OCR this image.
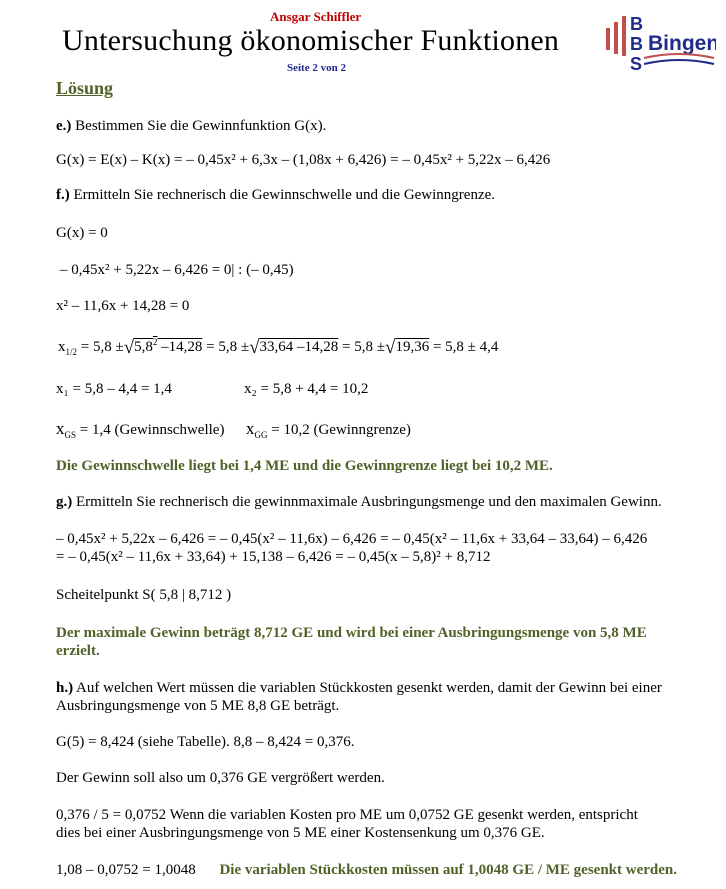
Ansgar Schiffler
Untersuchung ökonomischer Funktionen
Seite 2 von 2
B
B
S
Bingen
Lösung
e.) Bestimmen Sie die Gewinnfunktion G(x).
G(x) = E(x) – K(x) = – 0,45x² + 6,3x – (1,08x + 6,426) = – 0,45x² + 5,22x – 6,426
f.) Ermitteln Sie rechnerisch die Gewinnschwelle und die Gewinngrenze.
G(x) = 0
– 0,45x² + 5,22x – 6,426 = 0| : (– 0,45)
x² – 11,6x + 14,28 = 0
$x_{1/2} = 5,8 \pm√5,8^2$ –14,28 = 5,8 ±√33,64 –14,28 = 5,8 ±√19,36 = 5,8 ± 4,4
x₁ = 5,8 – 4,4 = 1,4	x₂ = 5,8 + 4,4 = 10,2
$x_{GS} = 1,4$ (Gewinnschwelle) $x_{GG} = 10,2$ (Gewinngrenze)
Die Gewinnschwelle liegt bei 1,4 ME und die Gewinngrenze liegt bei 10,2 ME.
g.) Ermitteln Sie rechnerisch die gewinnmaximale Ausbringungsmenge und den maximalen Gewinn.
– 0,45x² + 5,22x – 6,426 = – 0,45(x² – 11,6x) – 6,426 = – 0,45(x² – 11,6x + 33,64 – 33,64) – 6,426
= – 0,45(x² – 11,6x + 33,64) + 15,138 – 6,426 = – 0,45(x – 5,8)² + 8,712
Scheitelpunkt S( 5,8 | 8,712 )
Der maximale Gewinn beträgt 8,712 GE und wird bei einer Ausbringungsmenge von 5,8 ME
erzielt.
h.) Auf welchen Wert müssen die variablen Stückkosten gesenkt werden, damit der Gewinn bei einer
Ausbringungsmenge von 5 ME 8,8 GE beträgt.
G(5) = 8,424 (siehe Tabelle). 8,8 – 8,424 = 0,376.
Der Gewinn soll also um 0,376 GE vergrößert werden.
0,376 / 5 = 0,0752 Wenn die variablen Kosten pro ME um 0,0752 GE gesenkt werden, entspricht
dies bei einer Ausbringungsmenge von 5 ME einer Kostensenkung um 0,376 GE.
1,08 – 0,0752 = 1,0048 Die variablen Stückkosten müssen auf 1,0048 GE / ME gesenkt werden.
